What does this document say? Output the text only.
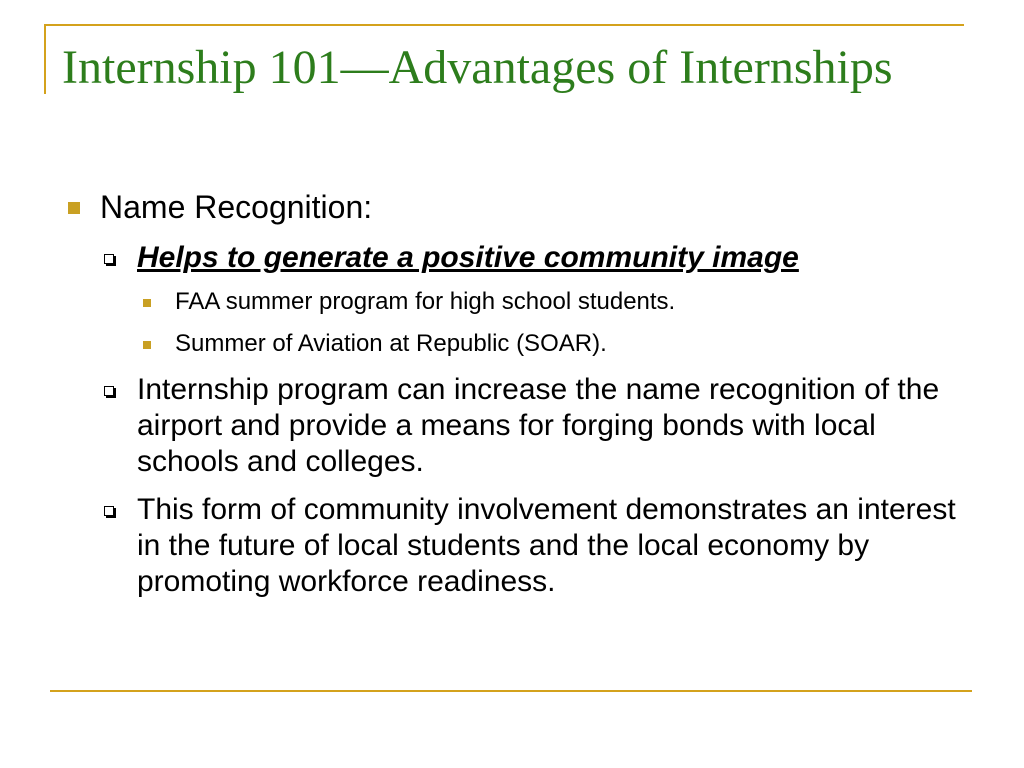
Internship 101—Advantages of Internships
Name Recognition:
Helps to generate a positive community image
FAA summer program for high school students.
Summer of Aviation at Republic (SOAR).
Internship program can increase the name recognition of the airport and provide a means for forging bonds with local schools and colleges.
This form of community involvement demonstrates an interest in the future of local students and the local economy by promoting workforce readiness.
